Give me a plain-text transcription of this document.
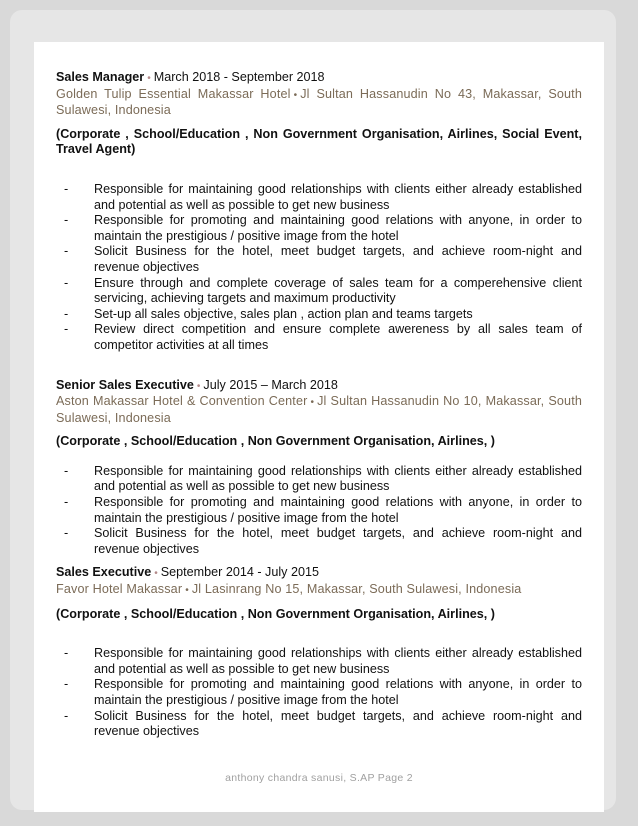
Sales Manager • March 2018 - September 2018

Golden Tulip Essential Makassar Hotel • Jl Sultan Hassanudin No 43, Makassar, South Sulawesi, Indonesia

(Corporate , School/Education , Non Government Organisation, Airlines, Social Event, Travel Agent)

- Responsible for maintaining good relationships with clients either already established and potential as well as possible to get new business
- Responsible for promoting and maintaining good relations with anyone, in order to maintain the prestigious / positive image from the hotel
- Solicit Business for the hotel, meet budget targets, and achieve room-night and revenue objectives
- Ensure through and complete coverage of sales team for a comperehensive client servicing, achieving targets and maximum productivity
- Set-up all sales objective, sales plan , action plan and teams targets
- Review direct competition and ensure complete awereness by all sales team of competitor activities at all times

Senior Sales Executive • July 2015 – March 2018

Aston Makassar Hotel & Convention Center • Jl Sultan Hassanudin No 10, Makassar, South Sulawesi, Indonesia

(Corporate , School/Education , Non Government Organisation, Airlines, )

- Responsible for maintaining good relationships with clients either already established and potential as well as possible to get new business
- Responsible for promoting and maintaining good relations with anyone, in order to maintain the prestigious / positive image from the hotel
- Solicit Business for the hotel, meet budget targets, and achieve room-night and revenue objectives

Sales Executive • September 2014 - July 2015

Favor Hotel Makassar • Jl Lasinrang No 15, Makassar, South Sulawesi, Indonesia

(Corporate , School/Education , Non Government Organisation, Airlines, )

- Responsible for maintaining good relationships with clients either already established and potential as well as possible to get new business
- Responsible for promoting and maintaining good relations with anyone, in order to maintain the prestigious / positive image from the hotel
- Solicit Business for the hotel, meet budget targets, and achieve room-night and revenue objectives
anthony chandra sanusi, S.AP Page 2
